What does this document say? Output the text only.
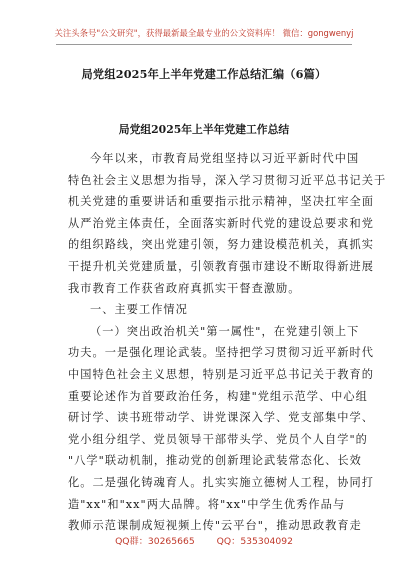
关注头条号"公文研究"，获得最新最全最专业的公文资料库！ 微信：gongwenyj
局党组2025年上半年党建工作总结汇编（6篇）
局党组2025年上半年党建工作总结
今年以来，市教育局党组坚持以习近平新时代中国
特色社会主义思想为指导，深入学习贯彻习近平总书记关于
机关党建的重要讲话和重要指示批示精神，坚决扛牢全面
从严治党主体责任，全面落实新时代党的建设总要求和党
的组织路线，突出党建引领，努力建设模范机关，真抓实
干提升机关党建质量，引领教育强市建设不断取得新进展
我市教育工作获省政府真抓实干督查激励。
一、主要工作情况
（一）突出政治机关"第一属性"，在党建引领上下
功夫。一是强化理论武装。坚持把学习贯彻习近平新时代
中国特色社会主义思想，特别是习近平总书记关于教育的
重要论述作为首要政治任务，构建"党组示范学、中心组
研讨学、读书班带动学、讲党课深入学、党支部集中学、
党小组分组学、党员领导干部带头学、党员个人自学"的
"八学"联动机制，推动党的创新理论武装常态化、长效
化。二是强化铸魂育人。扎实实施立德树人工程，协同打
造"xx"和"xx"两大品牌。将"xx"中学生优秀作品与
教师示范课制成短视频上传"云平台"，推动思政教育走
QQ群：30265665 QQ：535304092
